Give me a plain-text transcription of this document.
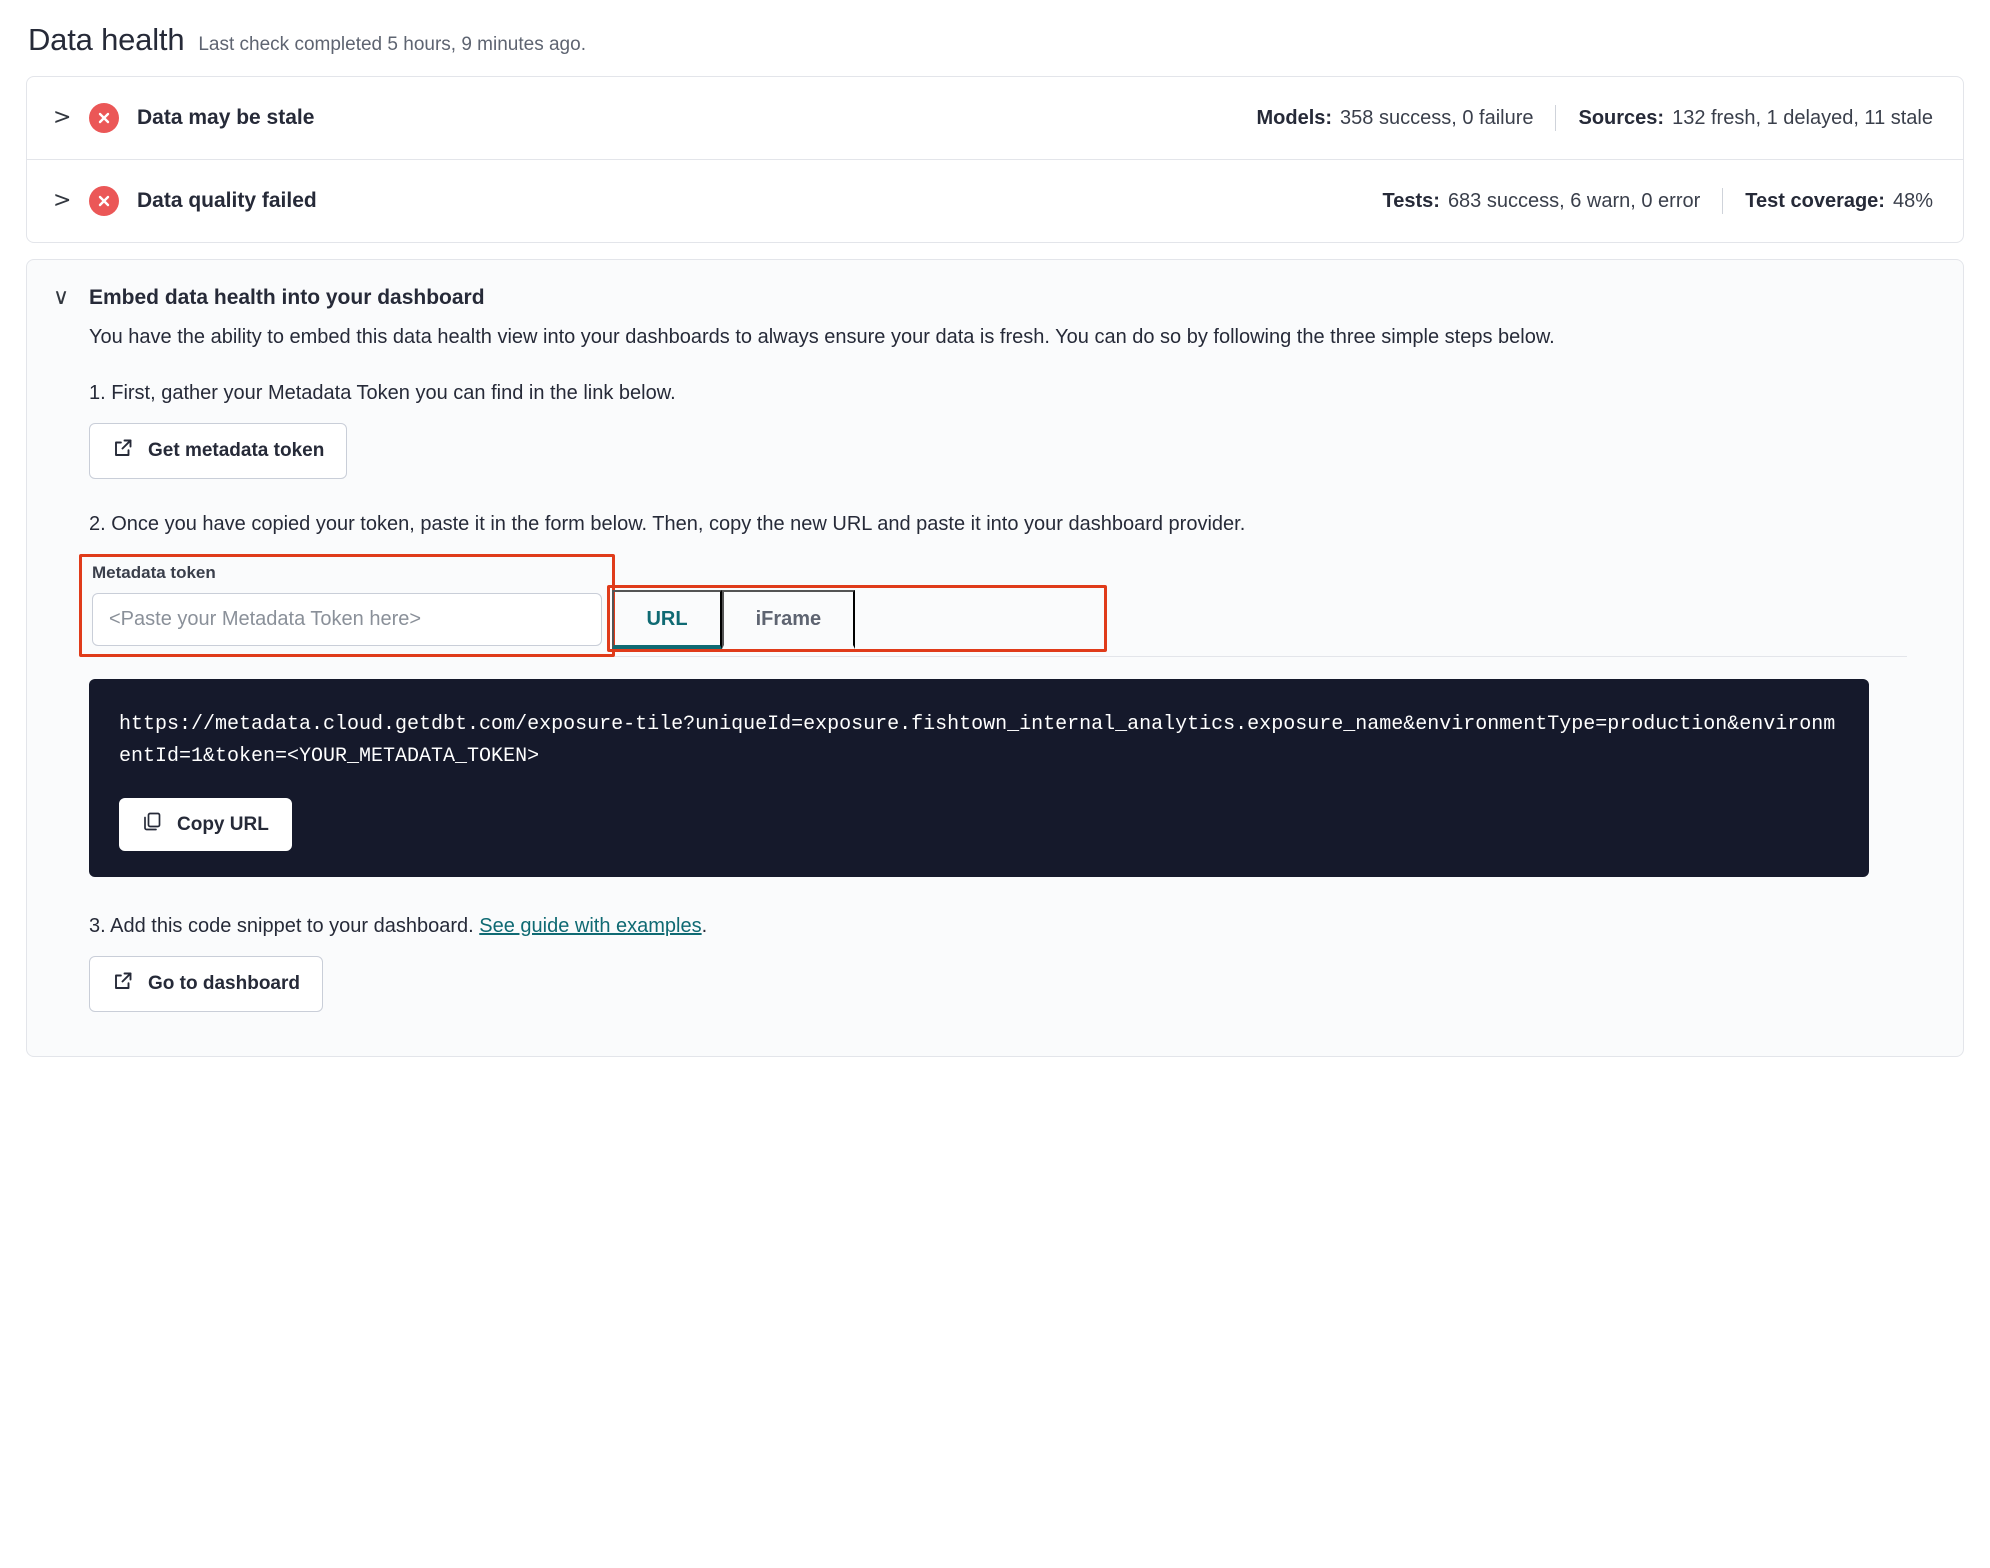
Data health Last check completed 5 hours, 9 minutes ago.
>	Data may be stale	Models: 358 success, 0 failure Sources: 132 fresh, 1 delayed, 11 stale
>	Data quality failed	Tests: 683 success, 6 warn, 0 error Test coverage: 48%
∨ Embed data health into your dashboard

You have the ability to embed this data health view into your dashboards to always ensure your data is fresh. You can do so by following the three simple steps below.

1. First, gather your Metadata Token you can find in the link below.

Get metadata token

2. Once you have copied your token, paste it in the form below. Then, copy the new URL and paste it into your dashboard provider.

Metadata token
<Paste your Metadata Token here>
URL	iFrame

https://metadata.cloud.getdbt.com/exposure-tile?uniqueId=exposure.fishtown_internal_analytics.exposure_name&environmentType=production&environmentId=1&token=<YOUR_METADATA_TOKEN>

Copy URL

3. Add this code snippet to your dashboard. See guide with examples.

Go to dashboard
